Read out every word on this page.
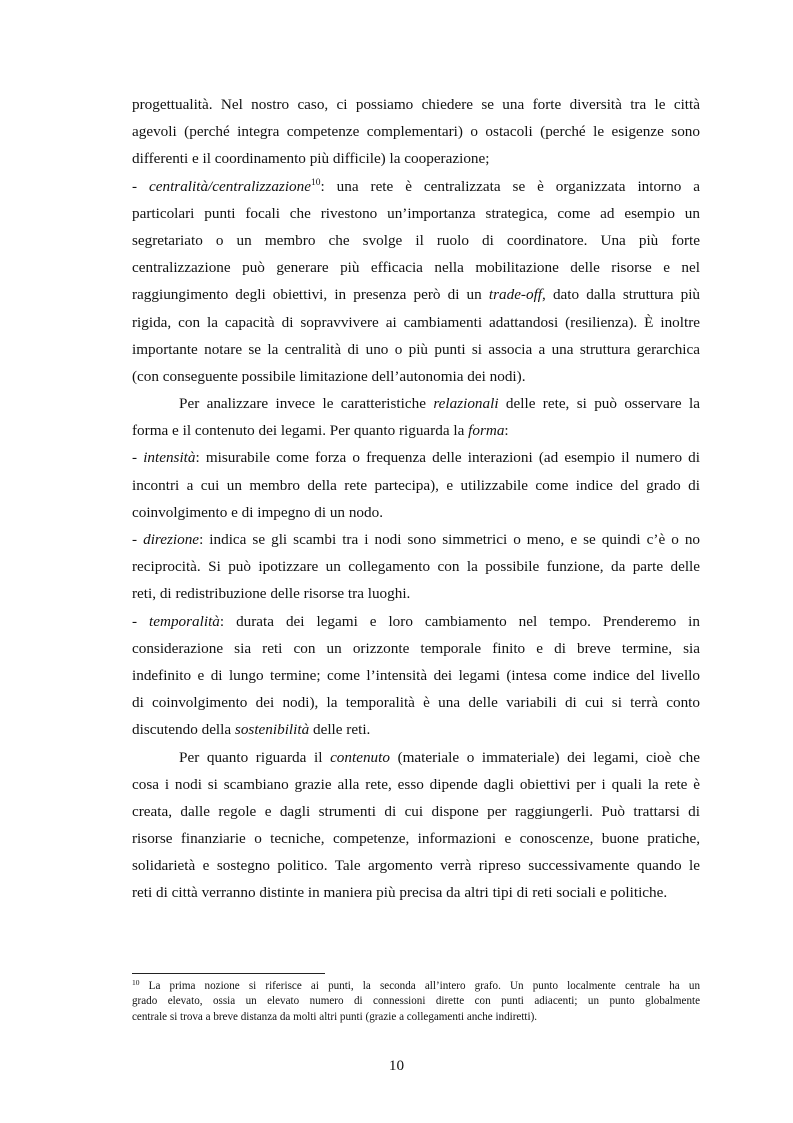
progettualità. Nel nostro caso, ci possiamo chiedere se una forte diversità tra le città
agevoli (perché integra competenze complementari) o ostacoli (perché le esigenze sono
differenti e il coordinamento più difficile) la cooperazione;
- centralità/centralizzazione$^{10}$: una rete è centralizzata se è organizzata intorno a
particolari punti focali che rivestono un’importanza strategica, come ad esempio un
segretariato o un membro che svolge il ruolo di coordinatore. Una più forte
centralizzazione può generare più efficacia nella mobilitazione delle risorse e nel
raggiungimento degli obiettivi, in presenza però di un trade-off, dato dalla struttura più
rigida, con la capacità di sopravvivere ai cambiamenti adattandosi (resilienza). È inoltre
importante notare se la centralità di uno o più punti si associa a una struttura gerarchica
(con conseguente possibile limitazione dell’autonomia dei nodi).
Per analizzare invece le caratteristiche relazionali delle rete, si può osservare la
forma e il contenuto dei legami. Per quanto riguarda la forma:
- intensità: misurabile come forza o frequenza delle interazioni (ad esempio il numero di
incontri a cui un membro della rete partecipa), e utilizzabile come indice del grado di
coinvolgimento e di impegno di un nodo.
- direzione: indica se gli scambi tra i nodi sono simmetrici o meno, e se quindi c’è o no
reciprocità. Si può ipotizzare un collegamento con la possibile funzione, da parte delle
reti, di redistribuzione delle risorse tra luoghi.
- temporalità: durata dei legami e loro cambiamento nel tempo. Prenderemo in
considerazione sia reti con un orizzonte temporale finito e di breve termine, sia
indefinito e di lungo termine; come l’intensità dei legami (intesa come indice del livello
di coinvolgimento dei nodi), la temporalità è una delle variabili di cui si terrà conto
discutendo della sostenibilità delle reti.
Per quanto riguarda il contenuto (materiale o immateriale) dei legami, cioè che
cosa i nodi si scambiano grazie alla rete, esso dipende dagli obiettivi per i quali la rete è
creata, dalle regole e dagli strumenti di cui dispone per raggiungerli. Può trattarsi di
risorse finanziarie o tecniche, competenze, informazioni e conoscenze, buone pratiche,
solidarietà e sostegno politico. Tale argomento verrà ripreso successivamente quando le
reti di città verranno distinte in maniera più precisa da altri tipi di reti sociali e politiche.
$^{10}$ La prima nozione si riferisce ai punti, la seconda all’intero grafo. Un punto localmente centrale ha un
grado elevato, ossia un elevato numero di connessioni dirette con punti adiacenti; un punto globalmente
centrale si trova a breve distanza da molti altri punti (grazie a collegamenti anche indiretti).
10
